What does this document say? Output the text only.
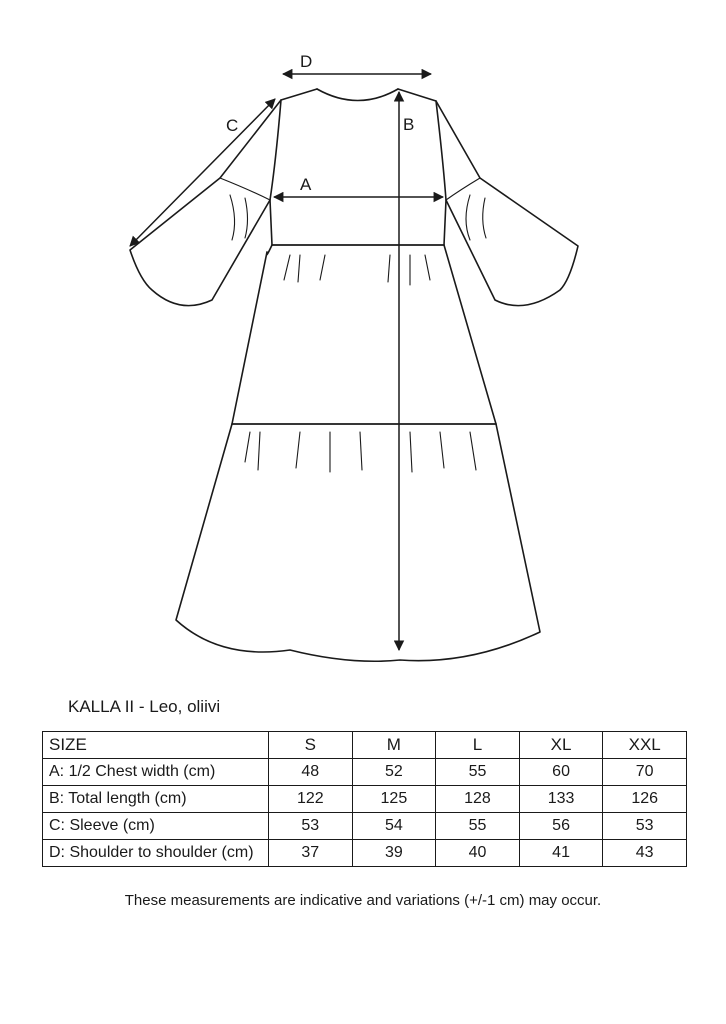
D
B
A
C
KALLA II - Leo, oliivi
SIZE	S	M	L	XL	XXL
A: 1/2 Chest width (cm)	48	52	55	60	70
B: Total length (cm)	122	125	128	133	126
C: Sleeve (cm)	53	54	55	56	53
D: Shoulder to shoulder (cm)	37	39	40	41	43
These measurements are indicative and variations (+/-1 cm) may occur.
